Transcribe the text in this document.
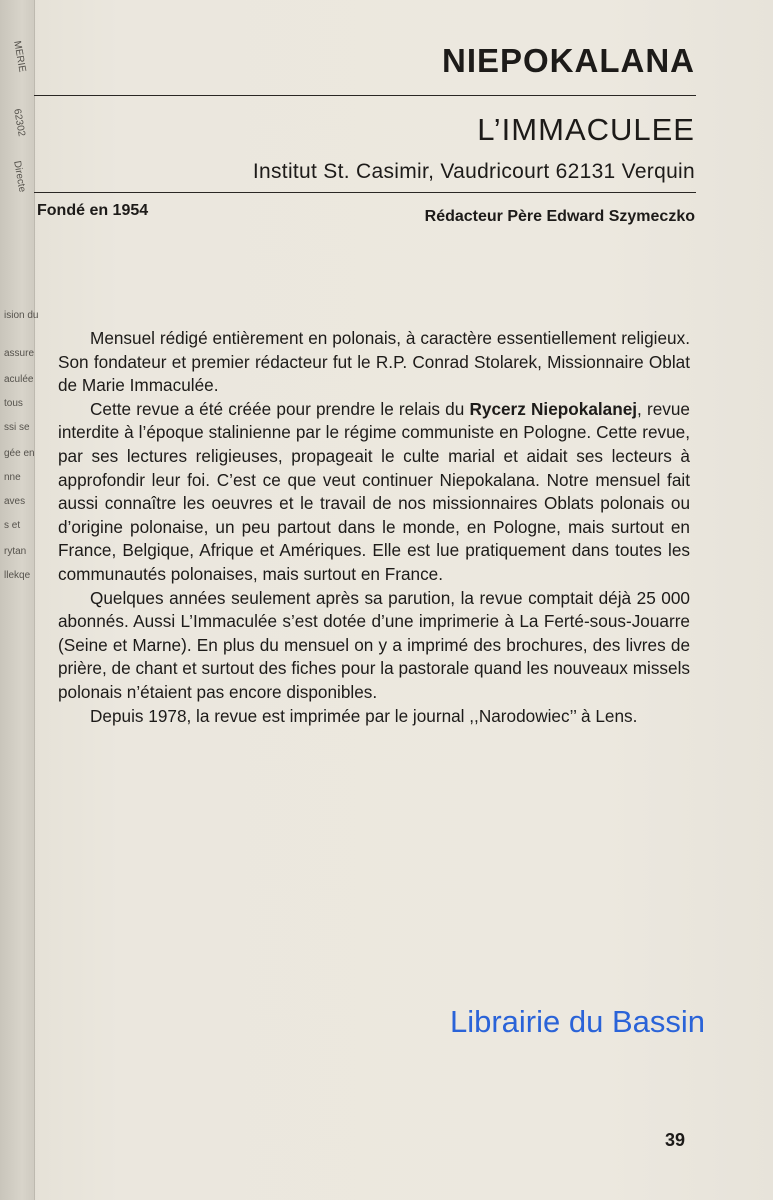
MERIE
62302
Directe
ision du
assure
aculée
tous
ssi se
gée en
nne
aves
s et
rytan
llekqe
NIEPOKALANA
L’IMMACULEE
Institut St. Casimir, Vaudricourt 62131 Verquin
Fondé en 1954	Rédacteur Père Edward Szymeczko

Mensuel rédigé entièrement en polonais, à caractère essentiellement religieux. Son fondateur et premier rédacteur fut le R.P. Conrad Stolarek, Missionnaire Oblat de Marie Immaculée.

Cette revue a été créée pour prendre le relais du Rycerz Niepokalanej, revue interdite à l’époque stalinienne par le régime communiste en Pologne. Cette revue, par ses lectures religieuses, propageait le culte marial et aidait ses lecteurs à approfondir leur foi. C’est ce que veut continuer Niepokalana. Notre mensuel fait aussi connaître les oeuvres et le travail de nos missionnaires Oblats polonais ou d’origine polonaise, un peu partout dans le monde, en Pologne, mais surtout en France, Belgique, Afrique et Amériques. Elle est lue pratiquement dans toutes les communautés polonaises, mais surtout en France.

Quelques années seulement après sa parution, la revue comptait déjà 25 000 abonnés. Aussi L’Immaculée s’est dotée d’une imprimerie à La Ferté-sous-Jouarre (Seine et Marne). En plus du mensuel on y a imprimé des brochures, des livres de prière, de chant et surtout des fiches pour la pastorale quand les nouveaux missels polonais n’étaient pas encore disponibles.

Depuis 1978, la revue est imprimée par le journal ,,Narodowiec’’ à Lens.

Librairie du Bassin
39
